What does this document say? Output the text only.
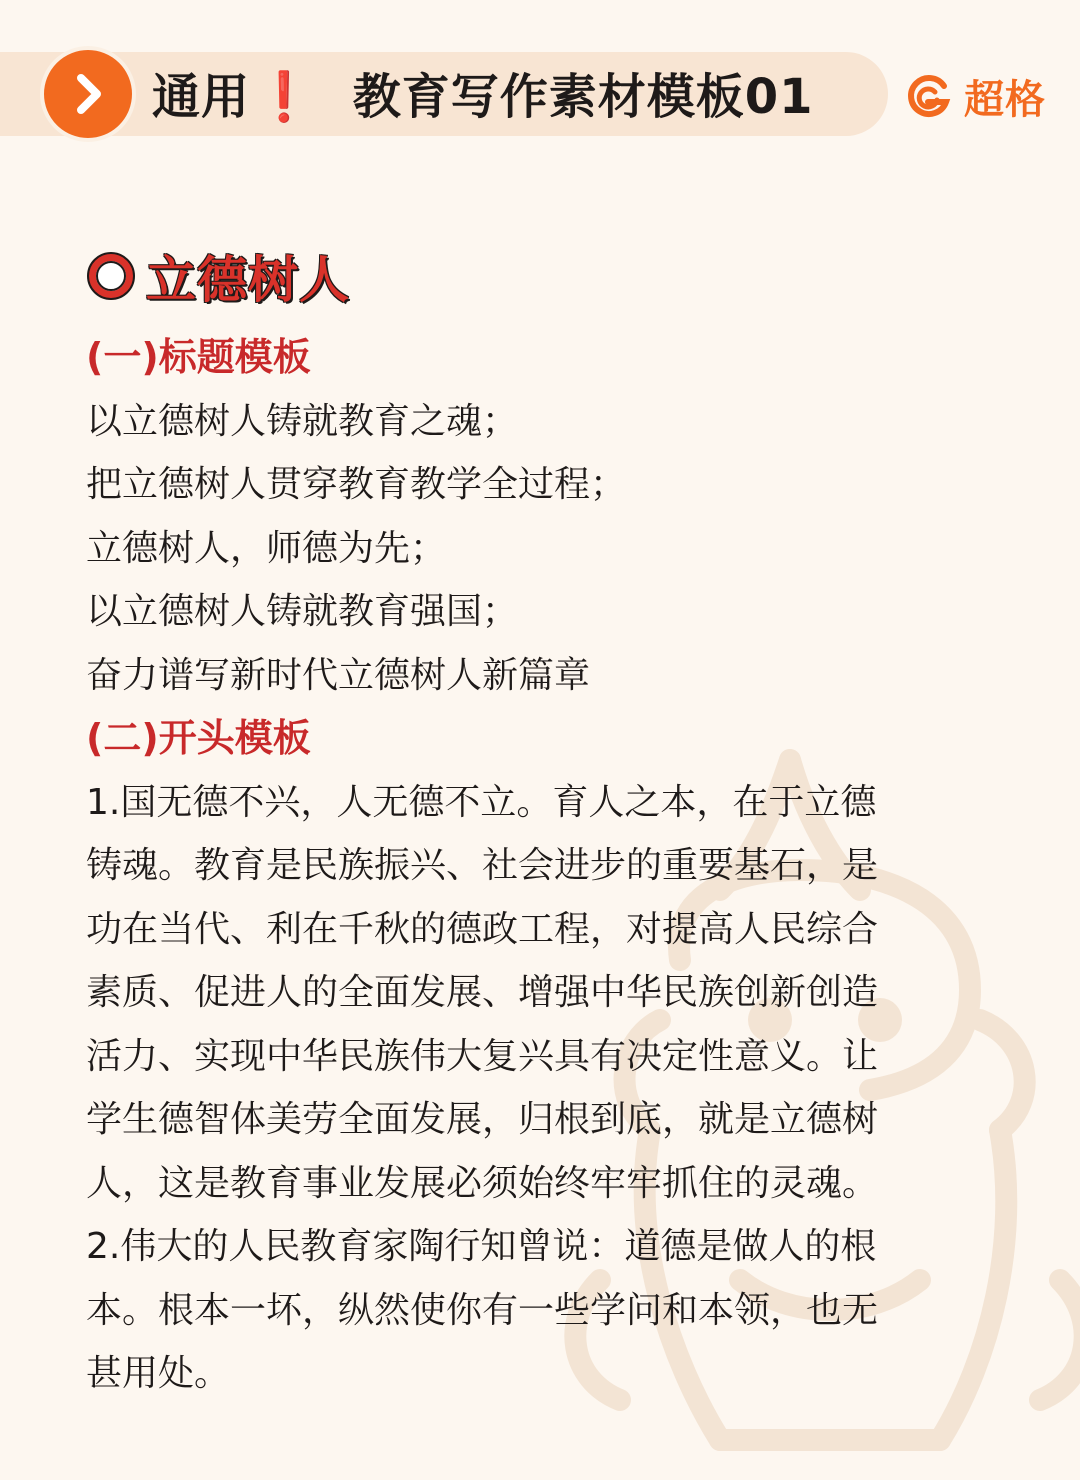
通用❗ 教育写作素材模板01	超格
立德树人
(一)标题模板
以立德树人铸就教育之魂；
把立德树人贯穿教育教学全过程；
立德树人，师德为先；
以立德树人铸就教育强国；
奋力谱写新时代立德树人新篇章
(二)开头模板
1.国无德不兴，人无德不立。育人之本，在于立德
铸魂。教育是民族振兴、社会进步的重要基石，是
功在当代、利在千秋的德政工程，对提高人民综合
素质、促进人的全面发展、增强中华民族创新创造
活力、实现中华民族伟大复兴具有决定性意义。让
学生德智体美劳全面发展，归根到底，就是立德树
人，这是教育事业发展必须始终牢牢抓住的灵魂。
2.伟大的人民教育家陶行知曾说：道德是做人的根
本。根本一坏，纵然使你有一些学问和本领，也无
甚用处。
